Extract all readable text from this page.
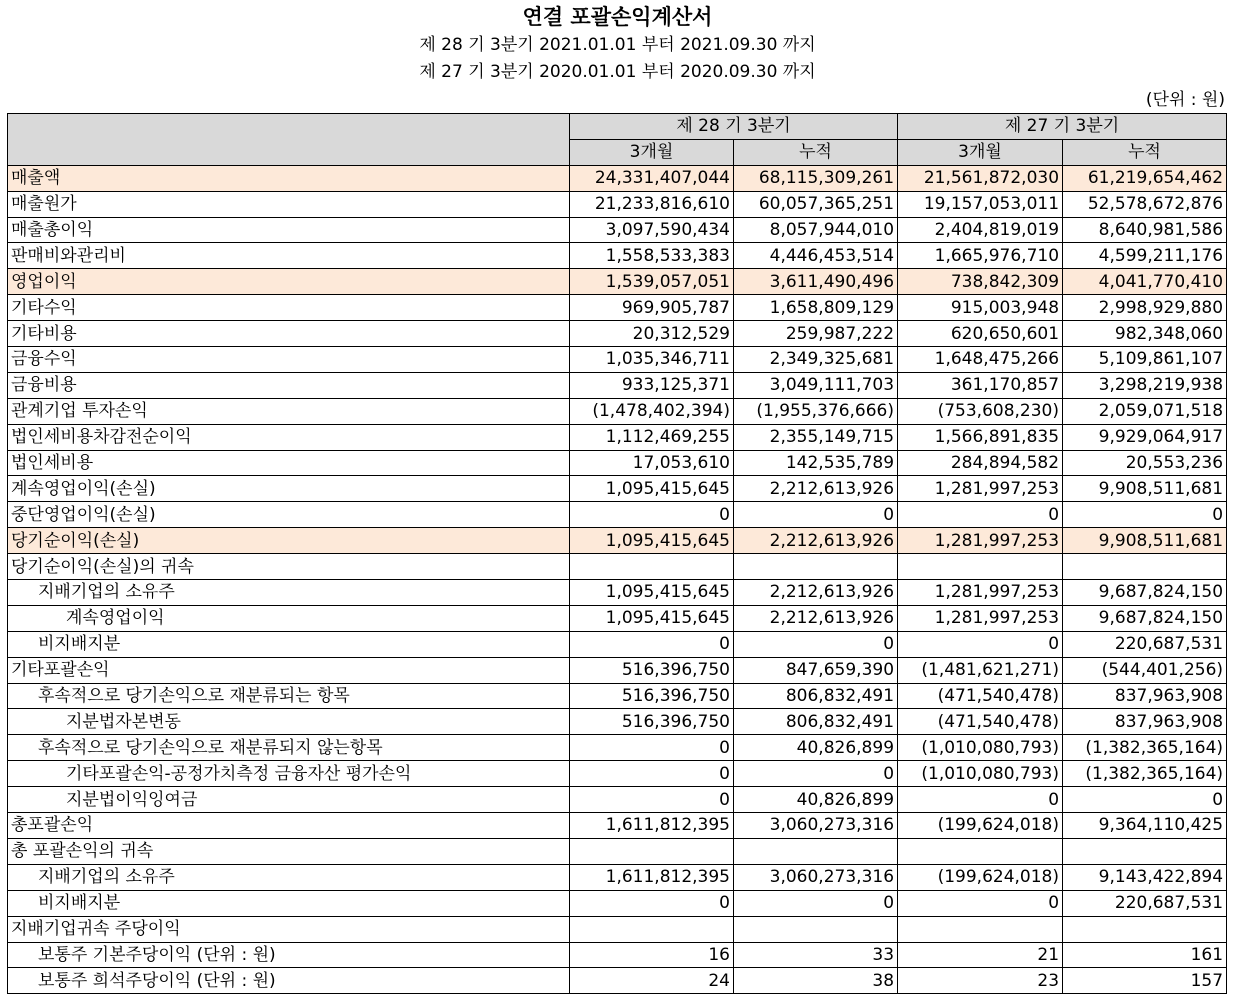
연결 포괄손익계산서
제 28 기 3분기 2021.01.01 부터 2021.09.30 까지
제 27 기 3분기 2020.01.01 부터 2020.09.30 까지
(단위 : 원)
	제 28 기 3분기		제 27 기 3분기	
	3개월	누적	3개월	누적
매출액	24,331,407,044	68,115,309,261	21,561,872,030	61,219,654,462
매출원가	21,233,816,610	60,057,365,251	19,157,053,011	52,578,672,876
매출총이익	3,097,590,434	8,057,944,010	2,404,819,019	8,640,981,586
판매비와관리비	1,558,533,383	4,446,453,514	1,665,976,710	4,599,211,176
영업이익	1,539,057,051	3,611,490,496	738,842,309	4,041,770,410
기타수익	969,905,787	1,658,809,129	915,003,948	2,998,929,880
기타비용	20,312,529	259,987,222	620,650,601	982,348,060
금융수익	1,035,346,711	2,349,325,681	1,648,475,266	5,109,861,107
금융비용	933,125,371	3,049,111,703	361,170,857	3,298,219,938
관계기업 투자손익	(1,478,402,394)	(1,955,376,666)	(753,608,230)	2,059,071,518
법인세비용차감전순이익	1,112,469,255	2,355,149,715	1,566,891,835	9,929,064,917
법인세비용	17,053,610	142,535,789	284,894,582	20,553,236
계속영업이익(손실)	1,095,415,645	2,212,613,926	1,281,997,253	9,908,511,681
중단영업이익(손실)	0	0	0	0
당기순이익(손실)	1,095,415,645	2,212,613,926	1,281,997,253	9,908,511,681
당기순이익(손실)의 귀속				
지배기업의 소유주	1,095,415,645	2,212,613,926	1,281,997,253	9,687,824,150
계속영업이익	1,095,415,645	2,212,613,926	1,281,997,253	9,687,824,150
비지배지분	0	0	0	220,687,531
기타포괄손익	516,396,750	847,659,390	(1,481,621,271)	(544,401,256)
후속적으로 당기손익으로 재분류되는 항목	516,396,750	806,832,491	(471,540,478)	837,963,908
지분법자본변동	516,396,750	806,832,491	(471,540,478)	837,963,908
후속적으로 당기손익으로 재분류되지 않는항목	0	40,826,899	(1,010,080,793)	(1,382,365,164)
기타포괄손익-공정가치측정 금융자산 평가손익	0	0	(1,010,080,793)	(1,382,365,164)
지분법이익잉여금	0	40,826,899	0	0
총포괄손익	1,611,812,395	3,060,273,316	(199,624,018)	9,364,110,425
총 포괄손익의 귀속				
지배기업의 소유주	1,611,812,395	3,060,273,316	(199,624,018)	9,143,422,894
비지배지분	0	0	0	220,687,531
지배기업귀속 주당이익				
보통주 기본주당이익 (단위 : 원)	16	33	21	161
보통주 희석주당이익 (단위 : 원)	24	38	23	157
